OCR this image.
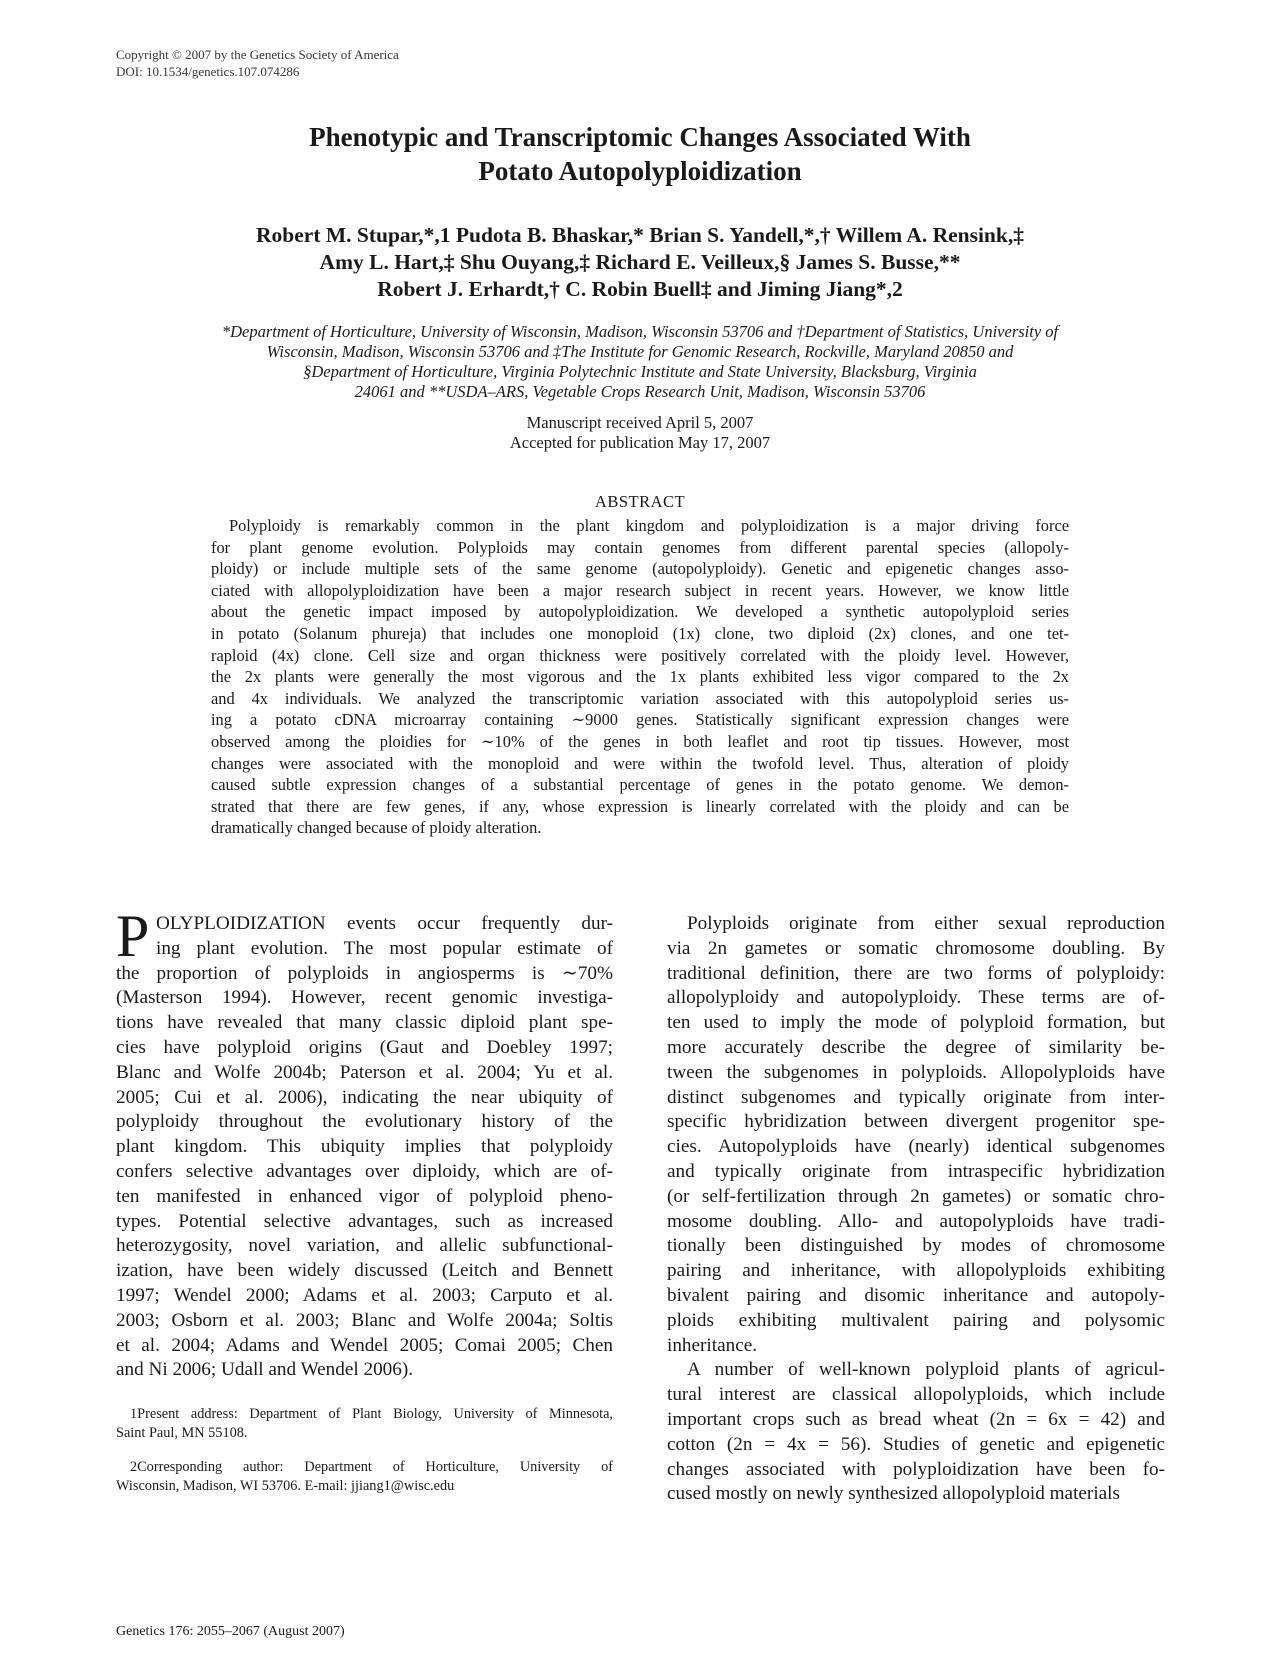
Copyright © 2007 by the Genetics Society of America
DOI: 10.1534/genetics.107.074286
Phenotypic and Transcriptomic Changes Associated With
Potato Autopolyploidization
Robert M. Stupar,*,1 Pudota B. Bhaskar,* Brian S. Yandell,*,† Willem A. Rensink,‡
Amy L. Hart,‡ Shu Ouyang,‡ Richard E. Veilleux,§ James S. Busse,**
Robert J. Erhardt,† C. Robin Buell‡ and Jiming Jiang*,2
*Department of Horticulture, University of Wisconsin, Madison, Wisconsin 53706 and †Department of Statistics, University of
Wisconsin, Madison, Wisconsin 53706 and ‡The Institute for Genomic Research, Rockville, Maryland 20850 and
§Department of Horticulture, Virginia Polytechnic Institute and State University, Blacksburg, Virginia
24061 and **USDA–ARS, Vegetable Crops Research Unit, Madison, Wisconsin 53706
Manuscript received April 5, 2007
Accepted for publication May 17, 2007
ABSTRACT
Polyploidy is remarkably common in the plant kingdom and polyploidization is a major driving force
for plant genome evolution. Polyploids may contain genomes from different parental species (allopoly-
ploidy) or include multiple sets of the same genome (autopolyploidy). Genetic and epigenetic changes asso-
ciated with allopolyploidization have been a major research subject in recent years. However, we know little
about the genetic impact imposed by autopolyploidization. We developed a synthetic autopolyploid series
in potato (Solanum phureja) that includes one monoploid (1x) clone, two diploid (2x) clones, and one tet-
raploid (4x) clone. Cell size and organ thickness were positively correlated with the ploidy level. However,
the 2x plants were generally the most vigorous and the 1x plants exhibited less vigor compared to the 2x
and 4x individuals. We analyzed the transcriptomic variation associated with this autopolyploid series us-
ing a potato cDNA microarray containing ∼9000 genes. Statistically significant expression changes were
observed among the ploidies for ∼10% of the genes in both leaflet and root tip tissues. However, most
changes were associated with the monoploid and were within the twofold level. Thus, alteration of ploidy
caused subtle expression changes of a substantial percentage of genes in the potato genome. We demon-
strated that there are few genes, if any, whose expression is linearly correlated with the ploidy and can be
dramatically changed because of ploidy alteration.
P OLYPLOIDIZATION events occur frequently dur-
ing plant evolution. The most popular estimate of
the proportion of polyploids in angiosperms is ∼70%
(Masterson 1994). However, recent genomic investiga-
tions have revealed that many classic diploid plant spe-
cies have polyploid origins (Gaut and Doebley 1997;
Blanc and Wolfe 2004b; Paterson et al. 2004; Yu et al.
2005; Cui et al. 2006), indicating the near ubiquity of
polyploidy throughout the evolutionary history of the
plant kingdom. This ubiquity implies that polyploidy
confers selective advantages over diploidy, which are of-
ten manifested in enhanced vigor of polyploid pheno-
types. Potential selective advantages, such as increased
heterozygosity, novel variation, and allelic subfunctional-
ization, have been widely discussed (Leitch and Bennett
1997; Wendel 2000; Adams et al. 2003; Carputo et al.
2003; Osborn et al. 2003; Blanc and Wolfe 2004a; Soltis
et al. 2004; Adams and Wendel 2005; Comai 2005; Chen
and Ni 2006; Udall and Wendel 2006).
Polyploids originate from either sexual reproduction
via 2n gametes or somatic chromosome doubling. By
traditional definition, there are two forms of polyploidy:
allopolyploidy and autopolyploidy. These terms are of-
ten used to imply the mode of polyploid formation, but
more accurately describe the degree of similarity be-
tween the subgenomes in polyploids. Allopolyploids have
distinct subgenomes and typically originate from inter-
specific hybridization between divergent progenitor spe-
cies. Autopolyploids have (nearly) identical subgenomes
and typically originate from intraspecific hybridization
(or self-fertilization through 2n gametes) or somatic chro-
mosome doubling. Allo- and autopolyploids have tradi-
tionally been distinguished by modes of chromosome
pairing and inheritance, with allopolyploids exhibiting
bivalent pairing and disomic inheritance and autopoly-
ploids exhibiting multivalent pairing and polysomic
inheritance.
A number of well-known polyploid plants of agricul-
tural interest are classical allopolyploids, which include
important crops such as bread wheat (2n = 6x = 42) and
cotton (2n = 4x = 56). Studies of genetic and epigenetic
changes associated with polyploidization have been fo-
cused mostly on newly synthesized allopolyploid materials
1Present address: Department of Plant Biology, University of Minnesota,
Saint Paul, MN 55108.
2Corresponding author: Department of Horticulture, University of
Wisconsin, Madison, WI 53706. E-mail: jjiang1@wisc.edu
Genetics 176: 2055–2067 (August 2007)
